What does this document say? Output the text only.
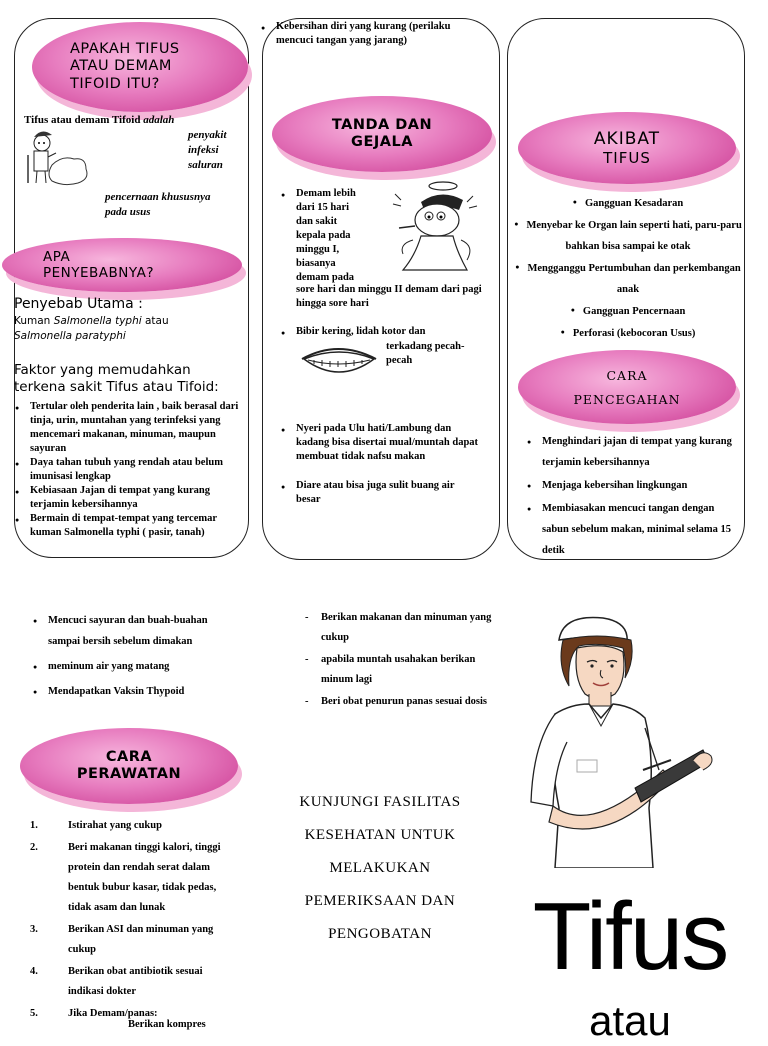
APAKAH TIFUS
ATAU DEMAM
TIFOID ITU?
Tifus atau demam Tifoid adalah
penyakit
infeksi
saluran
pencernaan khususnya
pada usus
APA
PENYEBABNYA?
Penyebab Utama :
Kuman Salmonella typhi atau
Salmonella paratyphi
Faktor yang memudahkan terkena sakit Tifus atau Tifoid:
● Tertular oleh penderita lain , baik berasal dari tinja, urin, muntahan yang terinfeksi yang mencemari makanan, minuman, maupun sayuran
● Daya tahan tubuh yang rendah atau belum imunisasi lengkap
● Kebiasaan Jajan di tempat yang kurang terjamin kebersihannya
● Bermain di tempat-tempat yang tercemar kuman Salmonella typhi ( pasir, tanah)
● Kebersihan diri yang kurang (perilaku mencuci tangan yang jarang)
TANDA DAN
GEJALA
● Demam lebih
dari 15 hari
dan sakit
kepala pada
minggu I,
biasanya
demam pada
sore hari dan minggu II demam dari pagi hingga sore hari
● Bibir kering, lidah kotor dan
terkadang pecah-pecah
● Nyeri pada Ulu hati/Lambung dan kadang bisa disertai mual/muntah dapat membuat tidak nafsu makan
● Diare atau bisa juga sulit buang air besar
AKIBAT
TIFUS
● Gangguan Kesadaran
● Menyebar ke Organ lain seperti hati, paru-paru bahkan bisa sampai ke otak
● Mengganggu Pertumbuhan dan perkembangan anak
● Gangguan Pencernaan
● Perforasi (kebocoran Usus)
CARA
PENCEGAHAN
● Menghindari jajan di tempat yang kurang terjamin kebersihannya
● Menjaga kebersihan lingkungan
● Membiasakan mencuci tangan dengan sabun sebelum makan, minimal selama 15 detik
● Mencuci sayuran dan buah-buahan sampai bersih sebelum dimakan
● meminum air yang matang
● Mendapatkan Vaksin Thypoid
CARA
PERAWATAN
1.	Istirahat yang cukup
2.	Beri makanan tinggi kalori, tinggi protein dan rendah serat dalam bentuk bubur kasar, tidak pedas, tidak asam dan lunak
3.	Berikan ASI dan minuman yang cukup
4.	Berikan obat antibiotik sesuai indikasi dokter
5.	Jika Demam/panas:
Berikan kompres
- Berikan makanan dan minuman yang cukup
- apabila muntah usahakan berikan minum lagi
- Beri obat penurun panas sesuai dosis
KUNJUNGI FASILITAS
KESEHATAN UNTUK
MELAKUKAN
PEMERIKSAAN DAN
PENGOBATAN	Tifus
atau
